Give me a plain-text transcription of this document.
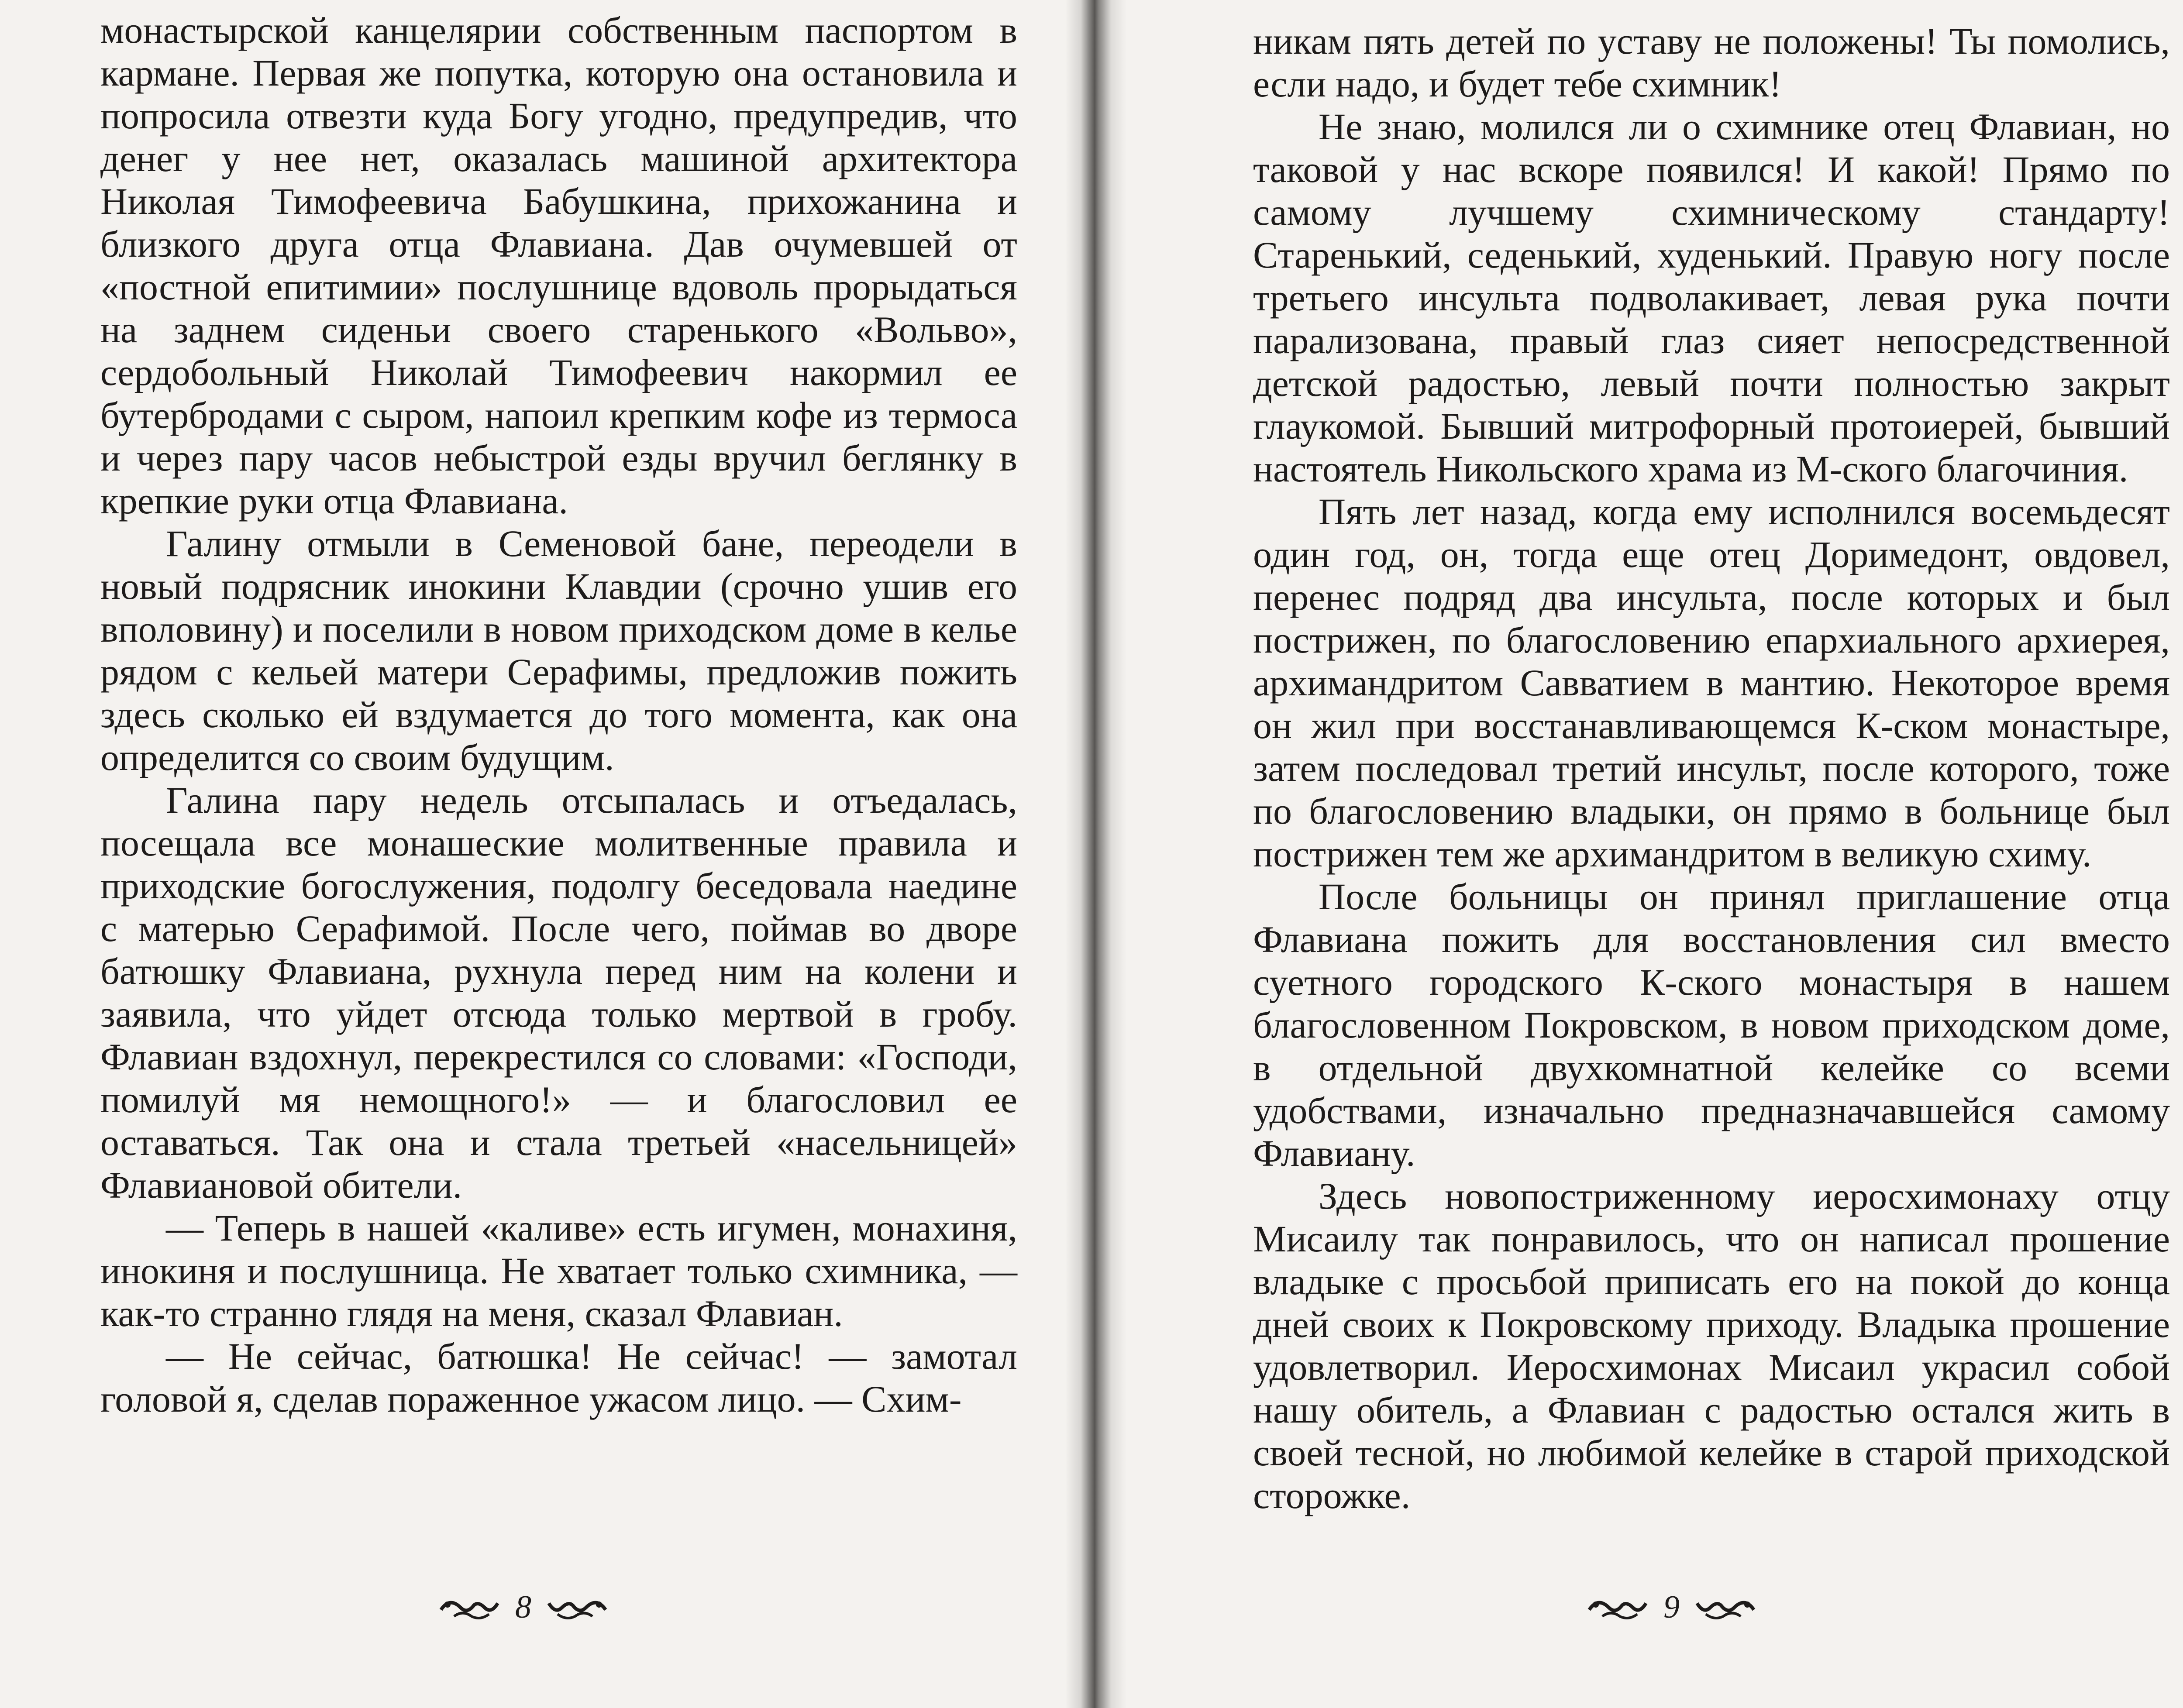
монастырской канцелярии собственным паспортом в кармане. Первая же попутка, которую она остановила и попросила отвезти куда Богу угодно, предупредив, что денег у нее нет, оказалась машиной архитектора Николая Тимофеевича Бабушкина, прихожанина и близкого друга отца Флавиана. Дав очумевшей от «постной епитимии» послушнице вдоволь прорыдаться на заднем сиденьи своего старенького «Вольво», сердобольный Николай Тимофеевич накормил ее бутербродами с сыром, напоил крепким кофе из термоса и через пару часов небыстрой езды вручил беглянку в крепкие руки отца Флавиана.

Галину отмыли в Семеновой бане, переодели в новый подрясник инокини Клавдии (срочно ушив его вполовину) и поселили в новом приходском доме в келье рядом с кельей матери Серафимы, предложив пожить здесь сколько ей вздумается до того момента, как она определится со своим будущим.

Галина пару недель отсыпалась и отъедалась, посещала все монашеские молитвенные правила и приходские богослужения, подолгу беседовала наедине с матерью Серафимой. После чего, поймав во дворе батюшку Флавиана, рухнула перед ним на колени и заявила, что уйдет отсюда только мертвой в гробу. Флавиан вздохнул, перекрестился со словами: «Господи, помилуй мя немощного!» — и благословил ее оставаться. Так она и стала третьей «насельницей» Флавиановой обители.

— Теперь в нашей «каливе» есть игумен, монахиня, инокиня и послушница. Не хватает только схимника, — как-то странно глядя на меня, сказал Флавиан.

— Не сейчас, батюшка! Не сейчас! — замотал головой я, сделав пораженное ужасом лицо. — Схим-

8

никам пять детей по уставу не положены! Ты помолись, если надо, и будет тебе схимник!

Не знаю, молился ли о схимнике отец Флавиан, но таковой у нас вскоре появился! И какой! Прямо по самому лучшему схимническому стандарту! Старенький, седенький, худенький. Правую ногу после третьего инсульта подволакивает, левая рука почти парализована, правый глаз сияет непосредственной детской радостью, левый почти полностью закрыт глаукомой. Бывший митрофорный протоиерей, бывший настоятель Никольского храма из М-ского благочиния.

Пять лет назад, когда ему исполнился восемьдесят один год, он, тогда еще отец Доримедонт, овдовел, перенес подряд два инсульта, после которых и был пострижен, по благословению епархиального архиерея, архимандритом Савватием в мантию. Некоторое время он жил при восстанавливающемся К-ском монастыре, затем последовал третий инсульт, после которого, тоже по благословению владыки, он прямо в больнице был пострижен тем же архимандритом в великую схиму.

После больницы он принял приглашение отца Флавиана пожить для восстановления сил вместо суетного городского К-ского монастыря в нашем благословенном Покровском, в новом приходском доме, в отдельной двухкомнатной келейке со всеми удобствами, изначально предназначавшейся самому Флавиану.

Здесь новопостриженному иеросхимонаху отцу Мисаилу так понравилось, что он написал прошение владыке с просьбой приписать его на покой до конца дней своих к Покровскому приходу. Владыка прошение удовлетворил. Иеросхимонах Мисаил украсил собой нашу обитель, а Флавиан с радостью остался жить в своей тесной, но любимой келейке в старой приходской сторожке.

9
